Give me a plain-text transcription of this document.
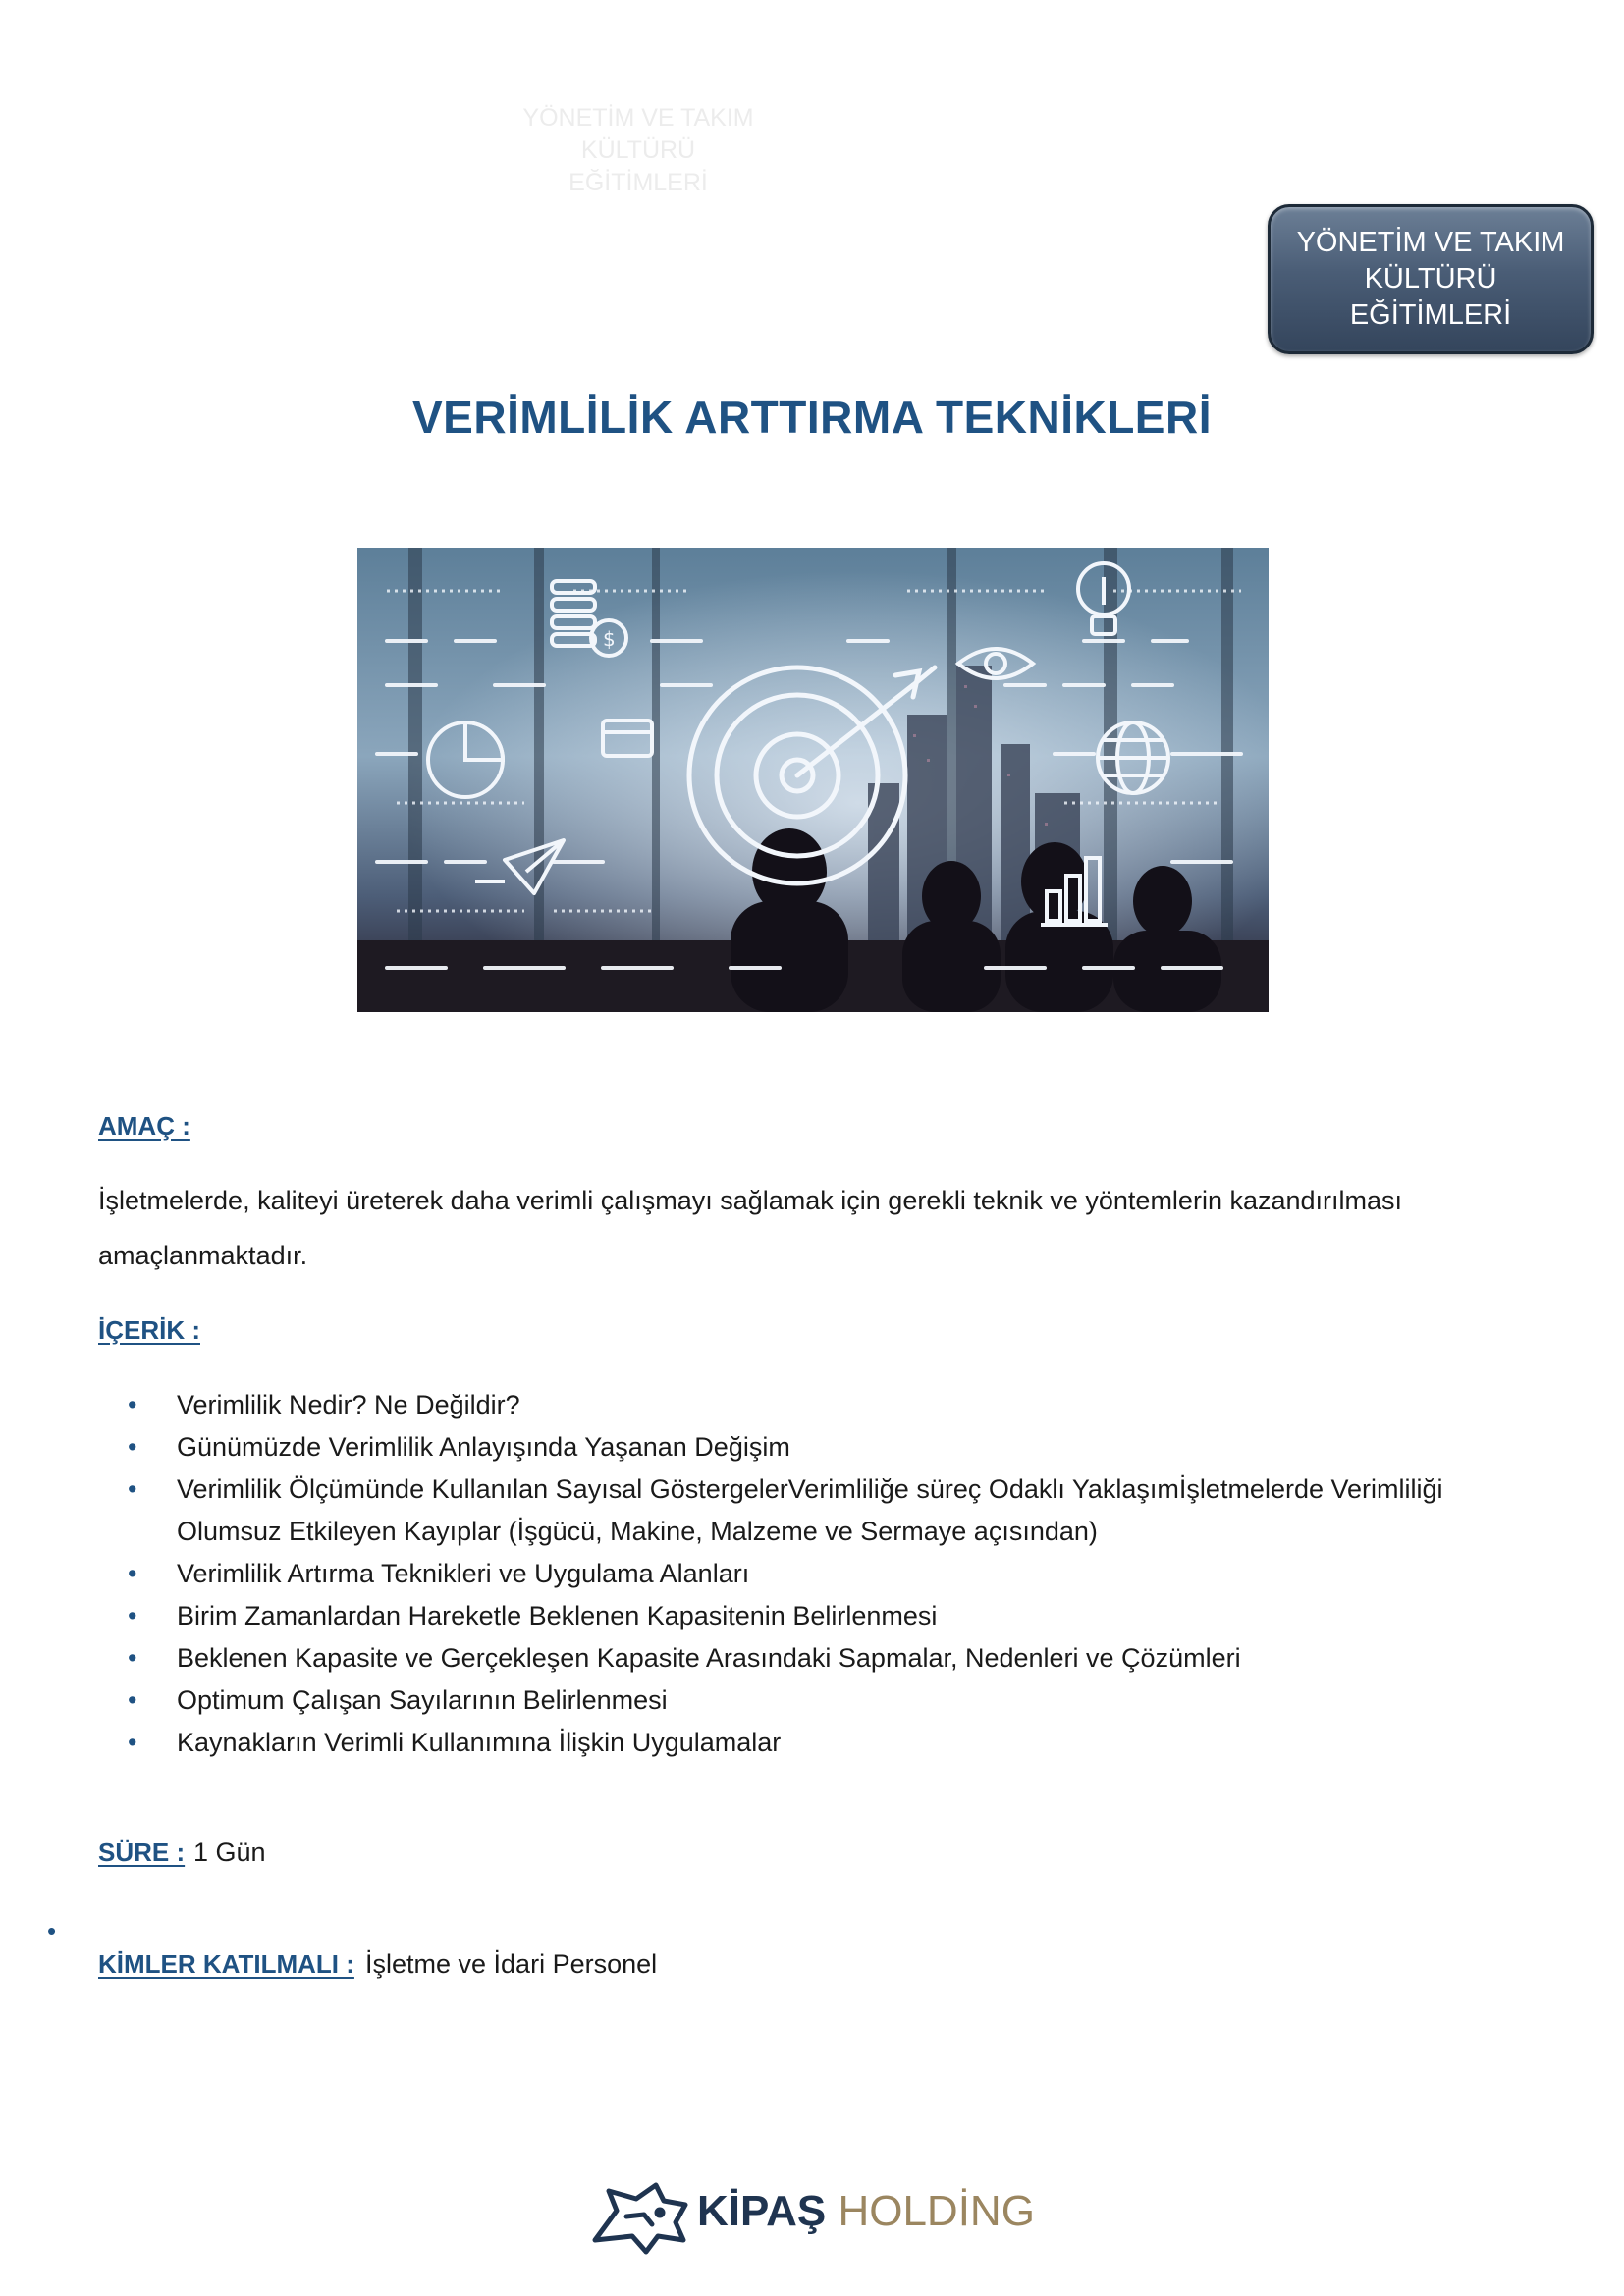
YÖNETİM VE TAKIM
KÜLTÜRÜ
EĞİTİMLERİ
YÖNETİM VE TAKIM
KÜLTÜRÜ
EĞİTİMLERİ
VERİMLİLİK ARTTIRMA TEKNİKLERİ
$
AMAÇ :

İşletmelerde, kaliteyi üreterek daha verimli çalışmayı sağlamak için gerekli teknik ve yöntemlerin kazandırılması amaçlanmaktadır.

İÇERİK :
• Verimlilik Nedir? Ne Değildir?
• Günümüzde Verimlilik Anlayışında Yaşanan Değişim
• Verimlilik Ölçümünde Kullanılan Sayısal GöstergelerVerimliliğe süreç Odaklı Yaklaşımİşletmelerde Verimliliği Olumsuz Etkileyen Kayıplar (İşgücü, Makine, Malzeme ve Sermaye açısından)
• Verimlilik Artırma Teknikleri ve Uygulama Alanları
• Birim Zamanlardan Hareketle Beklenen Kapasitenin Belirlenmesi
• Beklenen Kapasite ve Gerçekleşen Kapasite Arasındaki Sapmalar, Nedenleri ve Çözümleri
• Optimum Çalışan Sayılarının Belirlenmesi
• Kaynakların Verimli Kullanımına İlişkin Uygulamalar
SÜRE : 1 Gün
•
KİMLER KATILMALI : İşletme ve İdari Personel
KİPAŞ HOLDİNG
